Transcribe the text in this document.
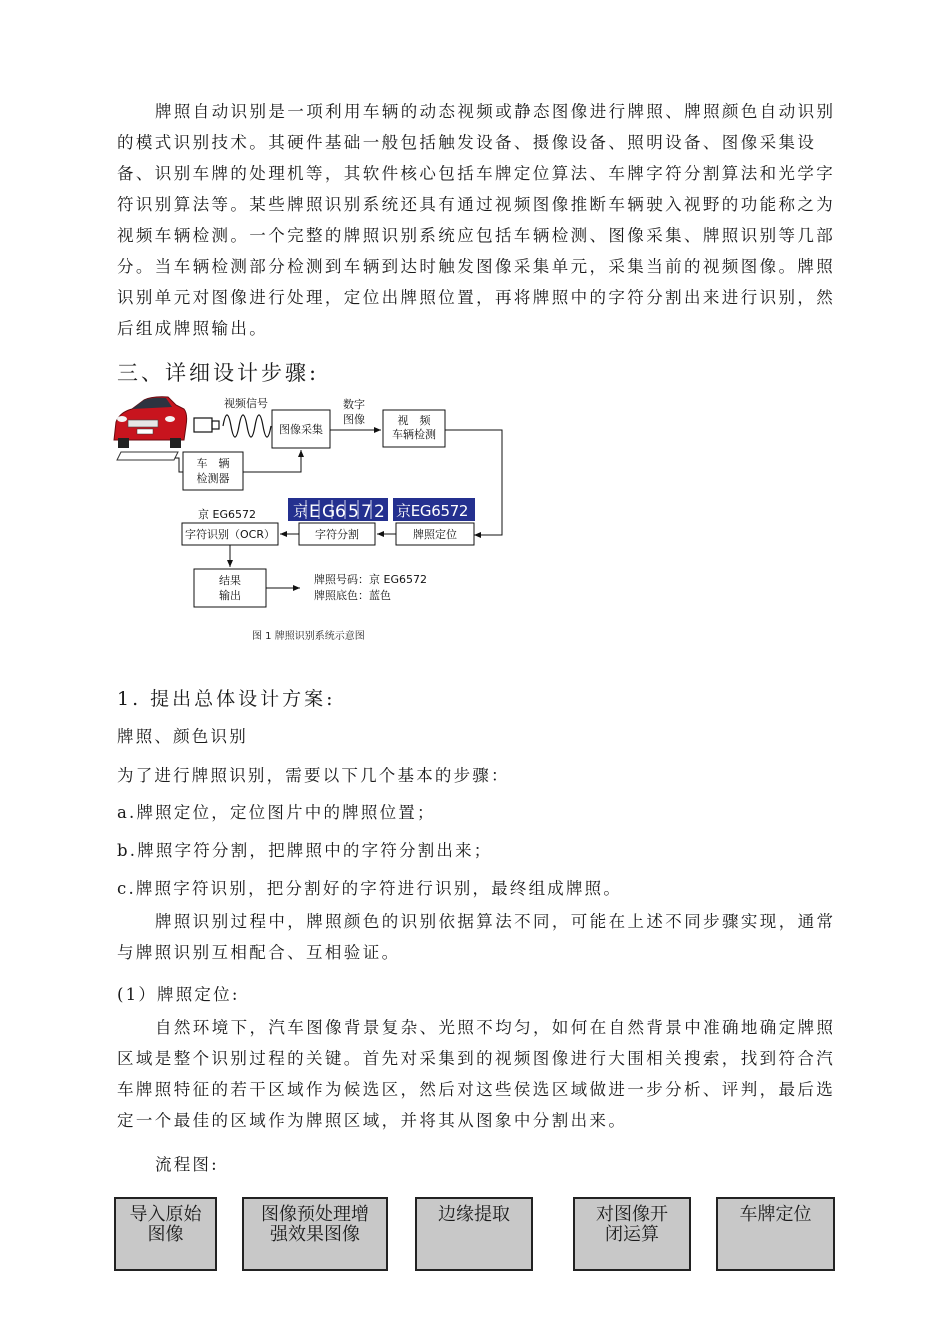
牌照自动识别是一项利用车辆的动态视频或静态图像进行牌照、牌照颜色自动识别的模式识别技术。其硬件基础一般包括触发设备、摄像设备、照明设备、图像采集设备、识别车牌的处理机等，其软件核心包括车牌定位算法、车牌字符分割算法和光学字符识别算法等。某些牌照识别系统还具有通过视频图像推断车辆驶入视野的功能称之为视频车辆检测。一个完整的牌照识别系统应包括车辆检测、图像采集、牌照识别等几部分。当车辆检测部分检测到车辆到达时触发图像采集单元，采集当前的视频图像。牌照识别单元对图像进行处理，定位出牌照位置，再将牌照中的字符分割出来进行识别，然后组成牌照输出。

三、详细设计步骤:
视频信号
图像采集
数字
图像	视　频
车辆检测
车　辆
检测器
京 EG6572 京 E G 6 5 7 2 京EG6572
字符识别（OCR）	字符分割	牌照定位
结果
输出
牌照号码：京 EG6572
牌照底色：蓝色
图 1 牌照识别系统示意图
1. 提出总体设计方案:
牌照、颜色识别
为了进行牌照识别，需要以下几个基本的步骤：
a.牌照定位，定位图片中的牌照位置；
b.牌照字符分割，把牌照中的字符分割出来；
c.牌照字符识别，把分割好的字符进行识别，最终组成牌照。

牌照识别过程中，牌照颜色的识别依据算法不同，可能在上述不同步骤实现，通常与牌照识别互相配合、互相验证。

(1）牌照定位:

自然环境下，汽车图像背景复杂、光照不均匀，如何在自然背景中准确地确定牌照区域是整个识别过程的关键。首先对采集到的视频图像进行大围相关搜索，找到符合汽车牌照特征的若干区域作为候选区，然后对这些侯选区域做进一步分析、评判，最后选定一个最佳的区域作为牌照区域，并将其从图象中分割出来。

流程图:
导入原始
图像
图像预处理增
强效果图像
边缘提取	对图像开
闭运算
车牌定位
